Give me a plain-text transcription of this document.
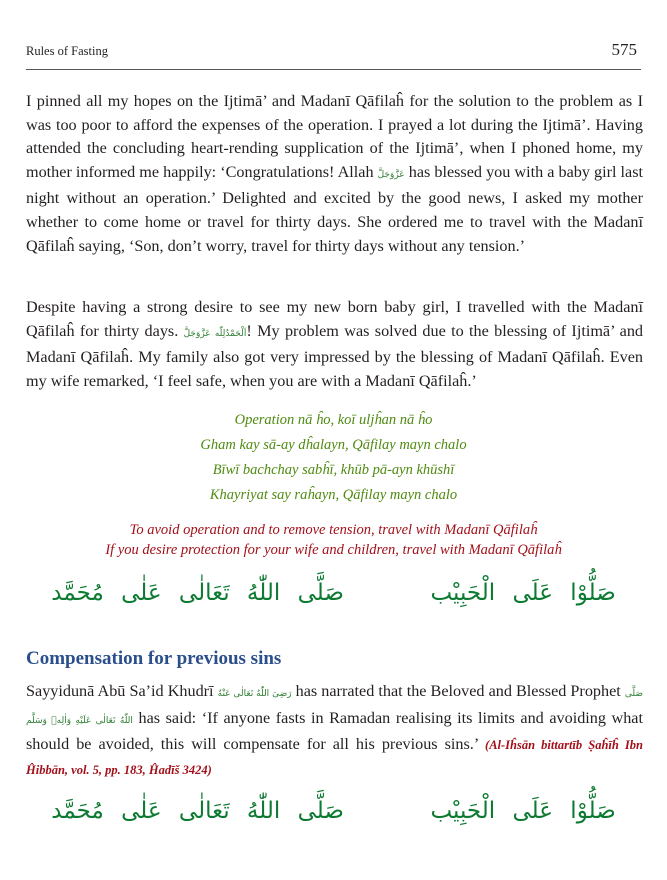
Rules of Fasting	575

I pinned all my hopes on the Ijtimā’ and Madanī Qāfilaĥ for the solution to the problem as I was too poor to afford the expenses of the operation. I prayed a lot during the Ijtimā’. Having attended the concluding heart-rending supplication of the Ijtimā’, when I phoned home, my mother informed me happily: ‘Congratulations! Allah عَزَّوَجَلَّ has blessed you with a baby girl last night without an operation.’ Delighted and excited by the good news, I asked my mother whether to come home or travel for thirty days. She ordered me to travel with the Madanī Qāfilaĥ saying, ‘Son, don’t worry, travel for thirty days without any tension.’

Despite having a strong desire to see my new born baby girl, I travelled with the Madanī Qāfilaĥ for thirty days. اَلْحَمْدُلِلّٰه عَزَّوَجَلَّ! My problem was solved due to the blessing of Ijtimā’ and Madanī Qāfilaĥ. My family also got very impressed by the blessing of Madanī Qāfilaĥ. Even my wife remarked, ‘I feel safe, when you are with a Madanī Qāfilaĥ.’

Operation nā ĥo, koī uljĥan nā ĥo
Gham kay sā-ay dĥalayn, Qāfilay mayn chalo
Bīwī bachchay sabĥī, khūb pā-ayn khūshī
Khayriyat say raĥayn, Qāfilay mayn chalo
To avoid operation and to remove tension, travel with Madanī Qāfilaĥ
If you desire protection for your wife and children, travel with Madanī Qāfilaĥ
صَلُّوْا عَلَى الْحَبِيْب     صَلَّى اللّٰهُ تَعَالٰى عَلٰى مُحَمَّد
Compensation for previous sins

Sayyidunā Abū Sa’id Khudrī رَضِىَ اللّٰهُ تَعَالٰى عَنْهُ has narrated that the Beloved and Blessed Prophet صَلَّى اللّٰهُ تَعَالٰى عَلَيْهِ وَاٰلِهٖ وَسَلَّم has said: ‘If anyone fasts in Ramadan realising its limits and avoiding what should be avoided, this will compensate for all his previous sins.’ (Al-Iĥsān bittartīb Ṣaĥīĥ Ibn Ĥibbān, vol. 5, pp. 183, Ĥadīš 3424)

صَلُّوْا عَلَى الْحَبِيْب     صَلَّى اللّٰهُ تَعَالٰى عَلٰى مُحَمَّد
